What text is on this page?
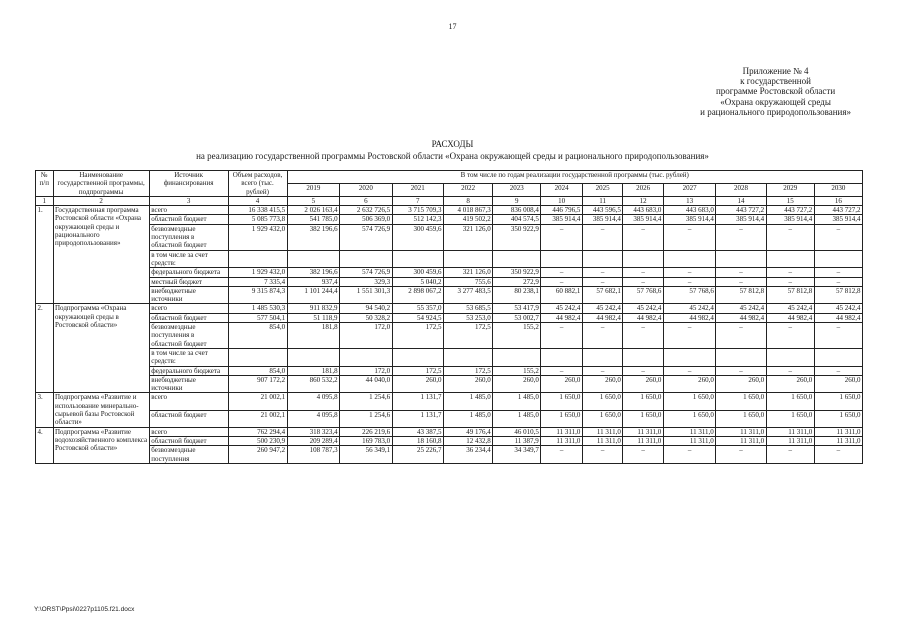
17
Приложение № 4
к государственной
программе Ростовской области
«Охрана окружающей среды
и рационального природопользования»
РАСХОДЫ
на реализацию государственной программы Ростовской области «Охрана окружающей среды и рационального природопользования»
№ п/п	Наименование государственной программы, подпрограммы	Источник финансирования	Объем расходов, всего (тыс. рублей)	В том числе по годам реализации государственной программы (тыс. рублей)											
				2019	2020	2021	2022	2023	2024	2025	2026	2027	2028	2029	2030
1	2	3	4	5	6	7	8	9	10	11	12	13	14	15	16
1.	Государственная программа Ростовской области «Охрана окружающей среды и рационального природопользования»	всего	16 338 415,5	2 026 163,4	2 632 726,5	3 715 709,3	4 018 867,3	836 008,4	446 796,5	443 596,5	443 683,0	443 683,0	443 727,2	443 727,2	443 727,2
		областной бюджет	5 085 773,8	541 785,0	506 369,0	512 142,3	419 502,2	404 574,5	385 914,4	385 914,4	385 914,4	385 914,4	385 914,4	385 914,4	385 914,4
		безвозмездные поступления в областной бюджет	1 929 432,0	382 196,6	574 726,9	300 459,6	321 126,0	350 922,9	–	–	–	–	–	–	–
		в том числе за счет средств:													
		федерального бюджета	1 929 432,0	382 196,6	574 726,9	300 459,6	321 126,0	350 922,9	–	–	–	–	–	–	–
		местный бюджет	7 335,4	937,4	329,3	5 040,2	755,6	272,9	–	–	–	–	–	–	–
		внебюджетные источники	9 315 874,3	1 101 244,4	1 551 301,3	2 898 067,2	3 277 483,5	80 238,1	60 882,1	57 682,1	57 768,6	57 768,6	57 812,8	57 812,8	57 812,8
2.	Подпрограмма «Охрана окружающей среды в Ростовской области»	всего	1 485 530,3	911 832,9	94 540,2	55 357,0	53 685,5	53 417,9	45 242,4	45 242,4	45 242,4	45 242,4	45 242,4	45 242,4	45 242,4
		областной бюджет	577 504,1	51 118,9	50 328,2	54 924,5	53 253,0	53 002,7	44 982,4	44 982,4	44 982,4	44 982,4	44 982,4	44 982,4	44 982,4
		безвозмездные поступления в областной бюджет	854,0	181,8	172,0	172,5	172,5	155,2	–	–	–	–	–	–	–
		в том числе за счет средств:													
		федерального бюджета	854,0	181,8	172,0	172,5	172,5	155,2	–	–	–	–	–	–	–
		внебюджетные источники	907 172,2	860 532,2	44 040,0	260,0	260,0	260,0	260,0	260,0	260,0	260,0	260,0	260,0	260,0
3.	Подпрограмма «Развитие и использование минерально-сырьевой базы Ростовской области»	всего	21 002,1	4 095,8	1 254,6	1 131,7	1 485,0	1 485,0	1 650,0	1 650,0	1 650,0	1 650,0	1 650,0	1 650,0	1 650,0
		областной бюджет	21 002,1	4 095,8	1 254,6	1 131,7	1 485,0	1 485,0	1 650,0	1 650,0	1 650,0	1 650,0	1 650,0	1 650,0	1 650,0
4.	Подпрограмма «Развитие водохозяйственного комплекса Ростовской области»	всего	762 294,4	318 323,4	226 219,6	43 387,5	49 176,4	46 010,5	11 311,0	11 311,0	11 311,0	11 311,0	11 311,0	11 311,0	11 311,0
		областной бюджет	500 230,9	209 289,4	169 783,0	18 160,8	12 432,8	11 387,9	11 311,0	11 311,0	11 311,0	11 311,0	11 311,0	11 311,0	11 311,0
		безвозмездные поступления	260 947,2	108 787,3	56 349,1	25 226,7	36 234,4	34 349,7	–	–	–	–	–	–	–
Y:\ORST\Ppsi\0227p1105.f21.docx
